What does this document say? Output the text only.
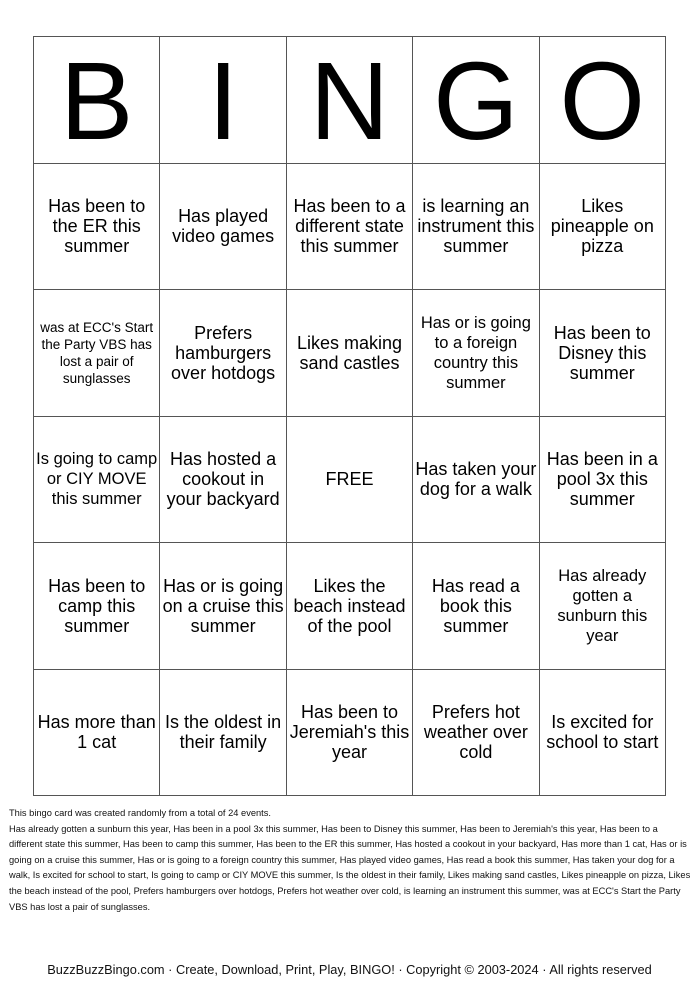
B I N G O
Has been to the ER this summer
Has played video games
Has been to a different state this summer
is learning an instrument this summer
Likes pineapple on pizza
was at ECC's Start the Party VBS has lost a pair of sunglasses
Prefers hamburgers over hotdogs
Likes making sand castles
Has or is going to a foreign country this summer
Has been to Disney this summer
Is going to camp or CIY MOVE this summer
Has hosted a cookout in your backyard
FREE	Has taken your dog for a walk
Has been in a pool 3x this summer
Has been to camp this summer
Has or is going on a cruise this summer
Likes the beach instead of the pool
Has read a book this summer
Has already gotten a sunburn this year
Has more than 1 cat
Is the oldest in their family
Has been to Jeremiah's this year
Prefers hot weather over cold
Is excited for school to start

This bingo card was created randomly from a total of 24 events.

Has already gotten a sunburn this year, Has been in a pool 3x this summer, Has been to Disney this summer, Has been to Jeremiah's this year, Has been to a different state this summer, Has been to camp this summer, Has been to the ER this summer, Has hosted a cookout in your backyard, Has more than 1 cat, Has or is going on a cruise this summer, Has or is going to a foreign country this summer, Has played video games, Has read a book this summer, Has taken your dog for a walk, Is excited for school to start, Is going to camp or CIY MOVE this summer, Is the oldest in their family, Likes making sand castles, Likes pineapple on pizza, Likes the beach instead of the pool, Prefers hamburgers over hotdogs, Prefers hot weather over cold, is learning an instrument this summer, was at ECC's Start the Party VBS has lost a pair of sunglasses.

BuzzBuzzBingo.com · Create, Download, Print, Play, BINGO! · Copyright © 2003-2024 · All rights reserved
